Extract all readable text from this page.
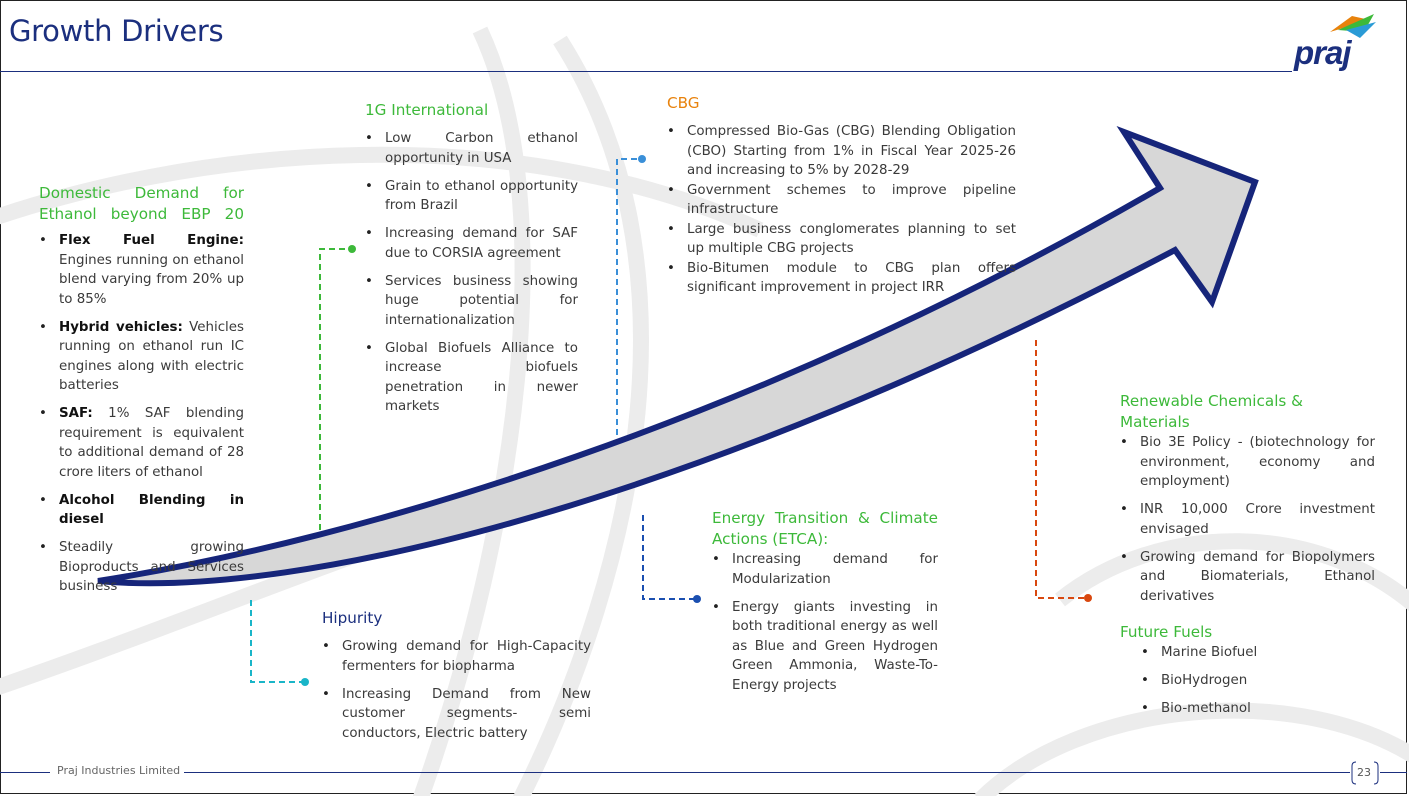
Growth Drivers
praj
Domestic Demand for Ethanol beyond EBP 20
• Flex Fuel Engine: Engines running on ethanol blend varying from 20% up to 85%
• Hybrid vehicles: Vehicles running on ethanol run IC engines along with electric batteries
• SAF: 1% SAF blending requirement is equivalent to additional demand of 28 crore liters of ethanol
• Alcohol Blending in diesel
• Steadily growing Bioproducts and Services business
1G International
• Low Carbon ethanol opportunity in USA
• Grain to ethanol opportunity from Brazil
• Increasing demand for SAF due to CORSIA agreement
• Services business showing huge potential for internationalization
• Global Biofuels Alliance to increase biofuels penetration in newer markets
CBG
• Compressed Bio-Gas (CBG) Blending Obligation (CBO) Starting from 1% in Fiscal Year 2025-26 and increasing to 5% by 2028-29
• Government schemes to improve pipeline infrastructure
• Large business conglomerates planning to set up multiple CBG projects
• Bio-Bitumen module to CBG plan offers significant improvement in project IRR
Hipurity
• Growing demand for High-Capacity fermenters for biopharma
• Increasing Demand from New customer segments- semi conductors, Electric battery
Energy Transition & Climate Actions (ETCA):
• Increasing demand for Modularization
• Energy giants investing in both traditional energy as well as Blue and Green Hydrogen Green Ammonia, Waste-To-Energy projects
Renewable Chemicals & Materials
• Bio 3E Policy - (biotechnology for environment, economy and employment)
• INR 10,000 Crore investment envisaged
• Growing demand for Biopolymers and Biomaterials, Ethanol derivatives
Future Fuels
• Marine Biofuel
• BioHydrogen
• Bio-methanol
Praj Industries Limited	23
